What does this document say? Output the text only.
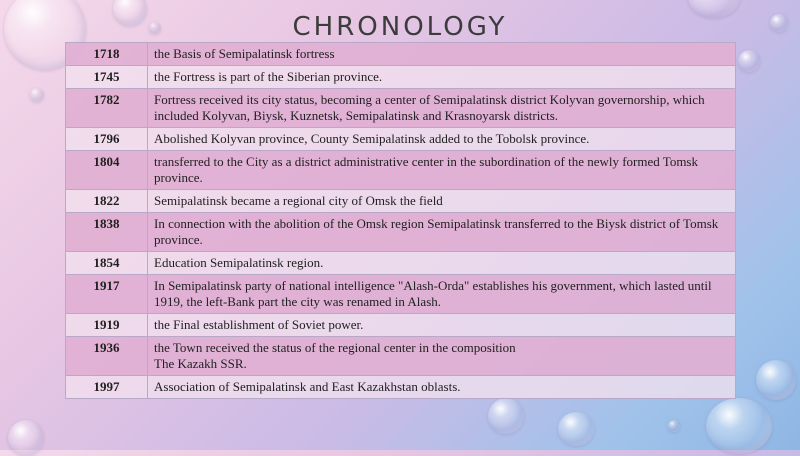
CHRONOLOGY
1718	the Basis of Semipalatinsk fortress
1745	the Fortress is part of the Siberian province.
1782	Fortress received its city status, becoming a center of Semipalatinsk district Kolyvan governorship, which included Kolyvan, Biysk, Kuznetsk, Semipalatinsk and Krasnoyarsk districts.
1796	Abolished Kolyvan province, County Semipalatinsk added to the Tobolsk province.
1804	transferred to the City as a district administrative center in the subordination of the newly formed Tomsk province.
1822	Semipalatinsk became a regional city of Omsk the field
1838	In connection with the abolition of the Omsk region Semipalatinsk transferred to the Biysk district of Tomsk province.
1854	Education Semipalatinsk region.
1917	In Semipalatinsk party of national intelligence "Alash-Orda" establishes his government, which lasted until 1919, the left-Bank part the city was renamed in Alash.
1919	the Final establishment of Soviet power.
1936	the Town received the status of the regional center in the composition
The Kazakh SSR.
1997	Association of Semipalatinsk and East Kazakhstan oblasts.
